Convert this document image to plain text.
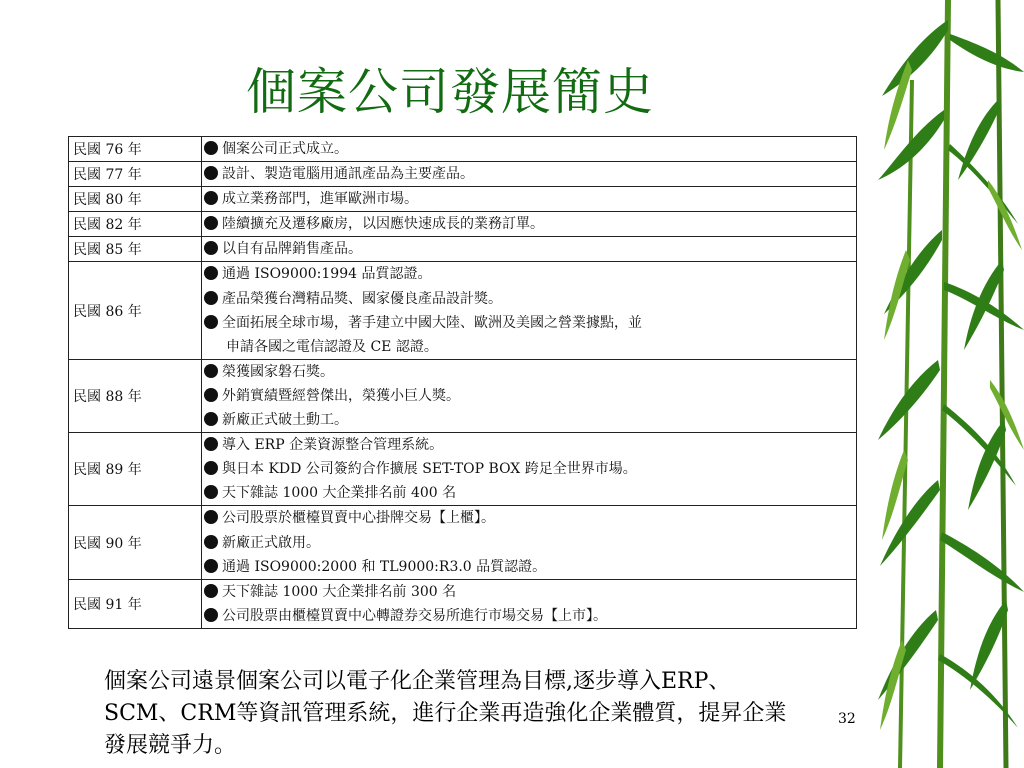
個案公司發展簡史
民國 76 年	個案公司正式成立。

民國 77 年	設計、製造電腦用通訊產品為主要產品。

民國 80 年	成立業務部門，進軍歐洲市場。

民國 82 年	陸續擴充及遷移廠房，以因應快速成長的業務訂單。

民國 85 年	以自有品牌銷售產品。

民國 86 年	通過 ISO9000:1994 品質認證。
產品榮獲台灣精品獎、國家優良產品設計獎。
全面拓展全球市場，著手建立中國大陸、歐洲及美國之營業據點，並
申請各國之電信認證及 CE 認證。

民國 88 年	榮獲國家磐石獎。
外銷實績暨經營傑出，榮獲小巨人獎。
新廠正式破土動工。

民國 89 年	導入 ERP 企業資源整合管理系統。
與日本 KDD 公司簽約合作擴展 SET-TOP BOX 跨足全世界市場。
天下雜誌 1000 大企業排名前 400 名

民國 90 年	公司股票於櫃檯買賣中心掛牌交易【上櫃】。
新廠正式啟用。
通過 ISO9000:2000 和 TL9000:R3.0 品質認證。

民國 91 年	天下雜誌 1000 大企業排名前 300 名
公司股票由櫃檯買賣中心轉證券交易所進行市場交易【上市】。
個案公司遠景個案公司以電子化企業管理為目標,逐步導入ERP、SCM、CRM等資訊管理系統，進行企業再造強化企業體質，提昇企業發展競爭力。
32
